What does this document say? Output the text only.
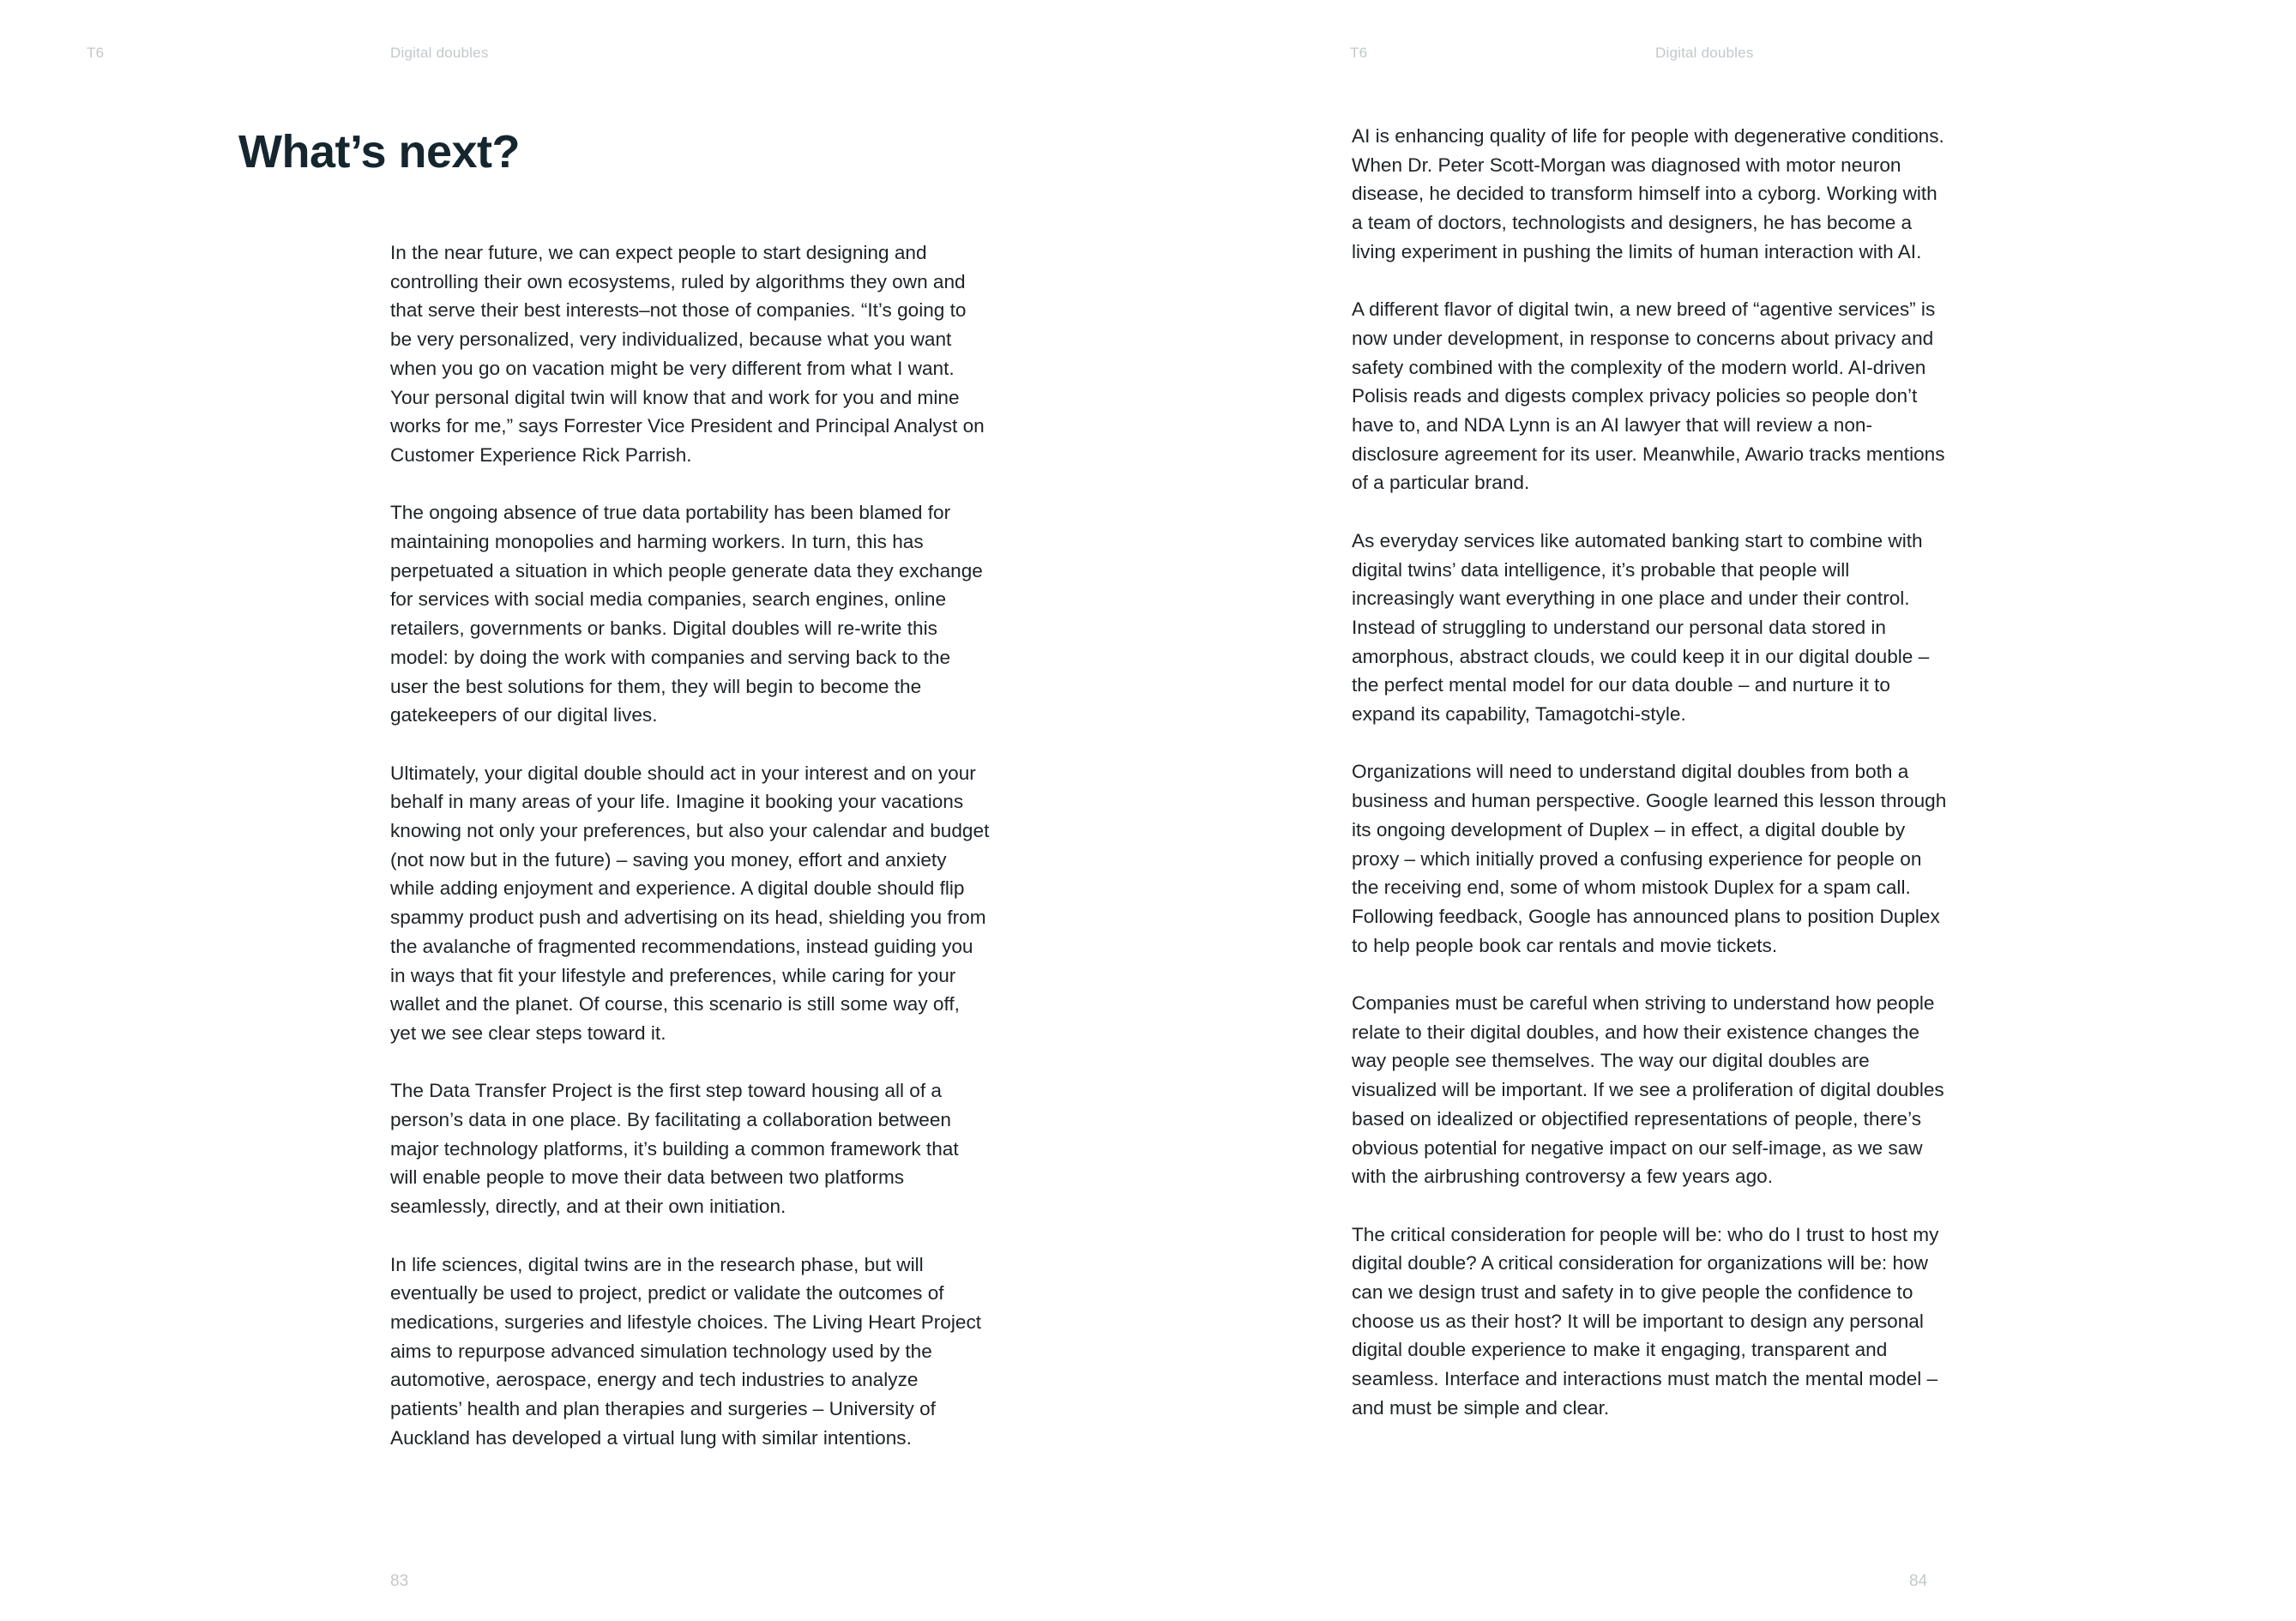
T6	Digital doubles
What’s next?

In the near future, we can expect people to start designing and controlling their own ecosystems, ruled by algorithms they own and that serve their best interests–not those of companies. “It’s going to be very personalized, very individualized, because what you want when you go on vacation might be very different from what I want. Your personal digital twin will know that and work for you and mine works for me,” says Forrester Vice President and Principal Analyst on Customer Experience Rick Parrish.

The ongoing absence of true data portability has been blamed for maintaining monopolies and harming workers. In turn, this has perpetuated a situation in which people generate data they exchange for services with social media companies, search engines, online retailers, governments or banks. Digital doubles will re-write this model: by doing the work with companies and serving back to the user the best solutions for them, they will begin to become the gatekeepers of our digital lives.

Ultimately, your digital double should act in your interest and on your behalf in many areas of your life. Imagine it booking your vacations knowing not only your preferences, but also your calendar and budget (not now but in the future) – saving you money, effort and anxiety while adding enjoyment and experience. A digital double should flip spammy product push and advertising on its head, shielding you from the avalanche of fragmented recommendations, instead guiding you in ways that fit your lifestyle and preferences, while caring for your wallet and the planet. Of course, this scenario is still some way off, yet we see clear steps toward it.

The Data Transfer Project is the first step toward housing all of a person’s data in one place. By facilitating a collaboration between major technology platforms, it’s building a common framework that will enable people to move their data between two platforms seamlessly, directly, and at their own initiation.

In life sciences, digital twins are in the research phase, but will eventually be used to project, predict or validate the outcomes of medications, surgeries and lifestyle choices. The Living Heart Project aims to repurpose advanced simulation technology used by the automotive, aerospace, energy and tech industries to analyze patients’ health and plan therapies and surgeries – University of Auckland has developed a virtual lung with similar intentions.

83
T6	Digital doubles

AI is enhancing quality of life for people with degenerative conditions. When Dr. Peter Scott-Morgan was diagnosed with motor neuron disease, he decided to transform himself into a cyborg. Working with a team of doctors, technologists and designers, he has become a living experiment in pushing the limits of human interaction with AI.

A different flavor of digital twin, a new breed of “agentive services” is now under development, in response to concerns about privacy and safety combined with the complexity of the modern world. AI-driven Polisis reads and digests complex privacy policies so people don’t have to, and NDA Lynn is an AI lawyer that will review a non-disclosure agreement for its user. Meanwhile, Awario tracks mentions of a particular brand.

As everyday services like automated banking start to combine with digital twins’ data intelligence, it’s probable that people will increasingly want everything in one place and under their control. Instead of struggling to understand our personal data stored in amorphous, abstract clouds, we could keep it in our digital double – the perfect mental model for our data double – and nurture it to expand its capability, Tamagotchi-style.

Organizations will need to understand digital doubles from both a business and human perspective. Google learned this lesson through its ongoing development of Duplex – in effect, a digital double by proxy – which initially proved a confusing experience for people on the receiving end, some of whom mistook Duplex for a spam call. Following feedback, Google has announced plans to position Duplex to help people book car rentals and movie tickets.

Companies must be careful when striving to understand how people relate to their digital doubles, and how their existence changes the way people see themselves. The way our digital doubles are visualized will be important. If we see a proliferation of digital doubles based on idealized or objectified representations of people, there’s obvious potential for negative impact on our self-image, as we saw with the airbrushing controversy a few years ago.

The critical consideration for people will be: who do I trust to host my digital double? A critical consideration for organizations will be: how can we design trust and safety in to give people the confidence to choose us as their host? It will be important to design any personal digital double experience to make it engaging, transparent and seamless. Interface and interactions must match the mental model – and must be simple and clear.

84
